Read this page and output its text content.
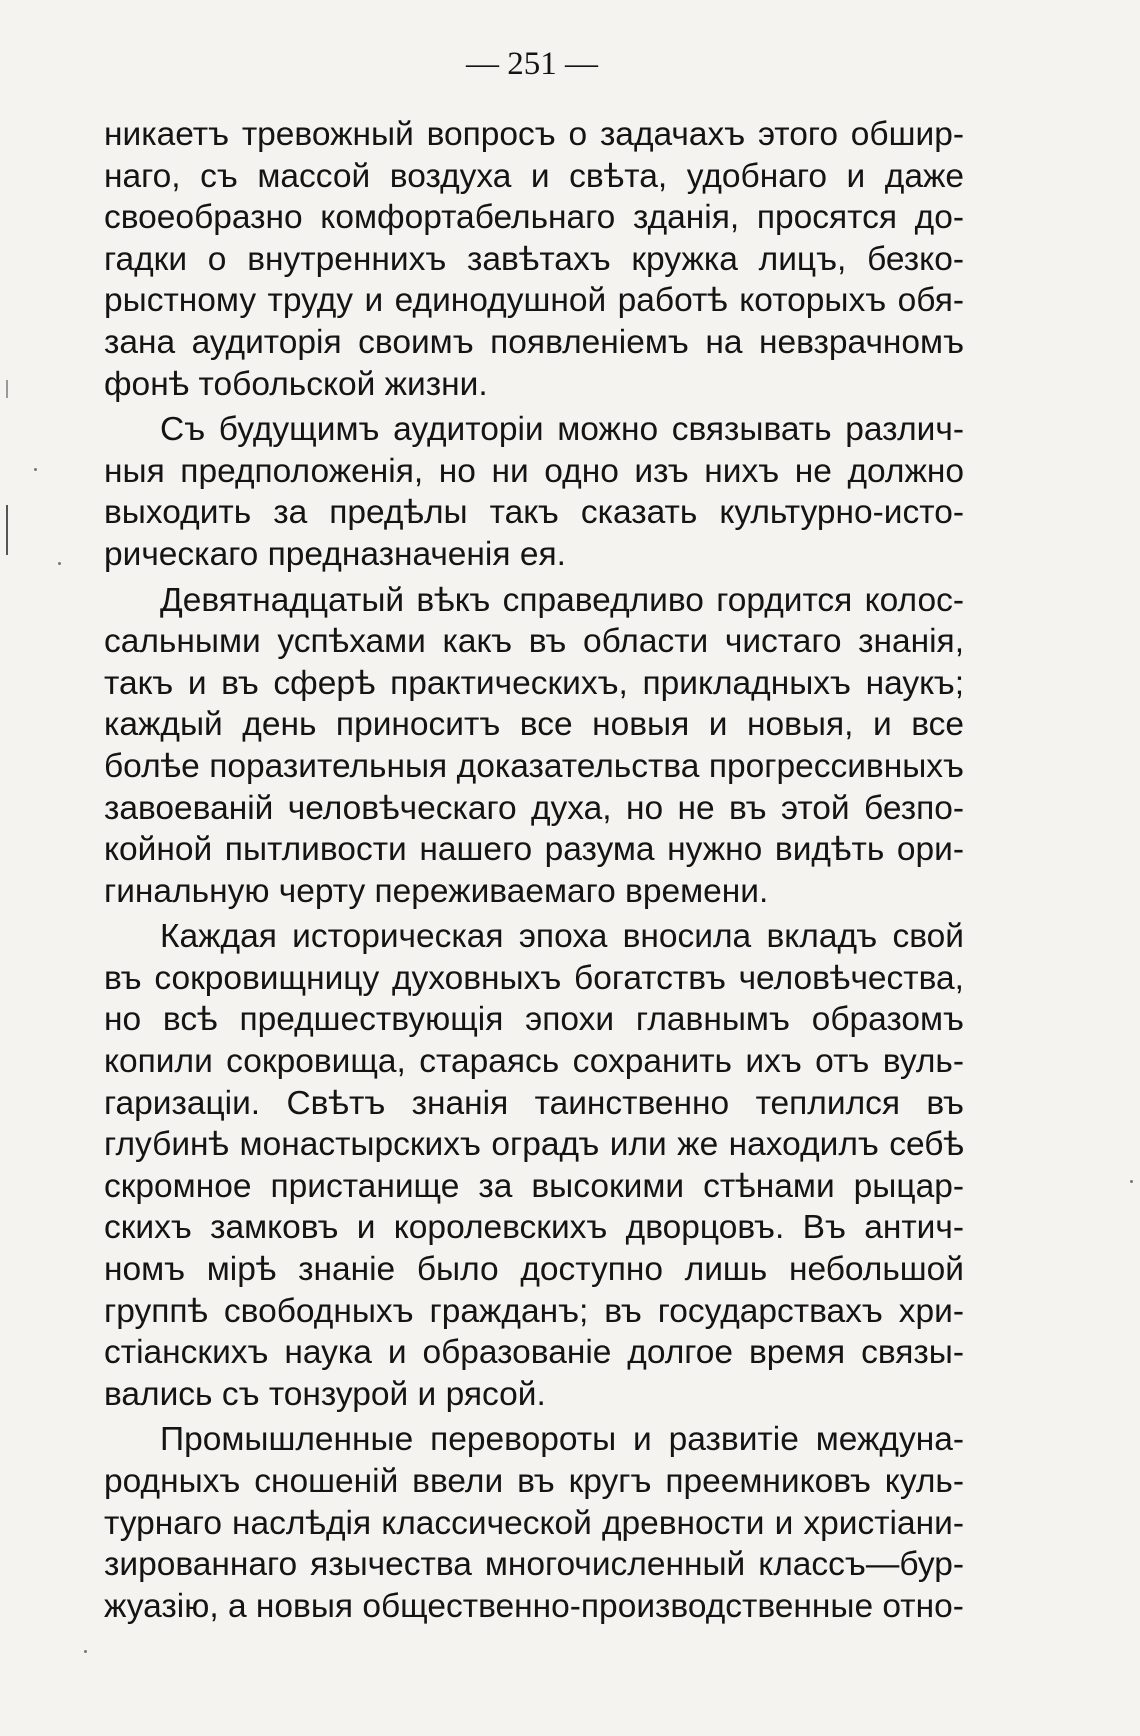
— 251 —
никаетъ тревожный вопросъ о задачахъ этого обшир-
наго, съ массой воздуха и свѣта, удобнаго и даже
своеобразно комфортабельнаго зданія, просятся до-
гадки о внутреннихъ завѣтахъ кружка лицъ, безко-
рыстному труду и единодушной работѣ которыхъ обя-
зана аудиторія своимъ появленіемъ на невзрачномъ
фонѣ тобольской жизни.
Съ будущимъ аудиторіи можно связывать различ-
ныя предположенія, но ни одно изъ нихъ не должно
выходить за предѣлы такъ сказать культурно-исто-
рическаго предназначенія ея.
Девятнадцатый вѣкъ справедливо гордится колос-
сальными успѣхами какъ въ области чистаго знанія,
такъ и въ сферѣ практическихъ, прикладныхъ наукъ;
каждый день приноситъ все новыя и новыя, и все
болѣе поразительныя доказательства прогрессивныхъ
завоеваній человѣческаго духа, но не въ этой безпо-
койной пытливости нашего разума нужно видѣть ори-
гинальную черту переживаемаго времени.
Каждая историческая эпоха вносила вкладъ свой
въ сокровищницу духовныхъ богатствъ человѣчества,
но всѣ предшествующія эпохи главнымъ образомъ
копили сокровища, стараясь сохранить ихъ отъ вуль-
гаризаціи. Свѣтъ знанія таинственно теплился въ
глубинѣ монастырскихъ оградъ или же находилъ себѣ
скромное пристанище за высокими стѣнами рыцар-
скихъ замковъ и королевскихъ дворцовъ. Въ антич-
номъ мірѣ знаніе было доступно лишь небольшой
группѣ свободныхъ гражданъ; въ государствахъ хри-
стіанскихъ наука и образованіе долгое время связы-
вались съ тонзурой и рясой.
Промышленные перевороты и развитіе междуна-
родныхъ сношеній ввели въ кругъ преемниковъ куль-
турнаго наслѣдія классической древности и христіани-
зированнаго язычества многочисленный классъ—бур-
жуазію, а новыя общественно-производственные отно-
